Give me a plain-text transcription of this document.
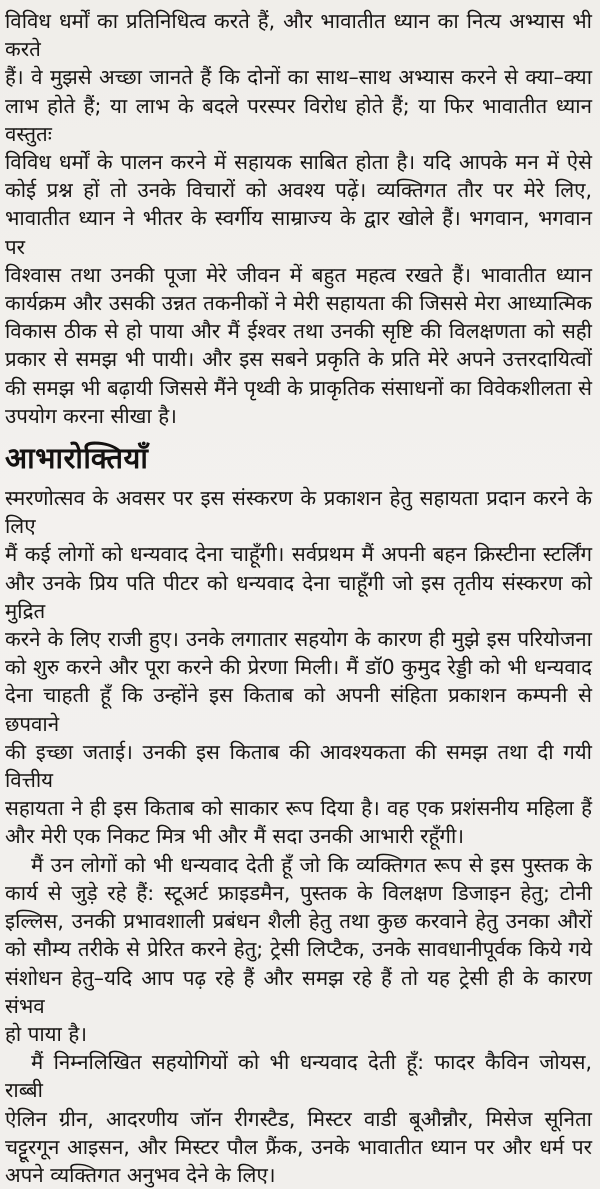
विविध धर्मों का प्रतिनिधित्व करते हैं, और भावातीत ध्यान का नित्य अभ्यास भी करते
हैं। वे मुझसे अच्छा जानते हैं कि दोनों का साथ–साथ अभ्यास करने से क्या–क्या
लाभ होते हैं; या लाभ के बदले परस्पर विरोध होते हैं; या फिर भावातीत ध्यान वस्तुतः
विविध धर्मों के पालन करने में सहायक साबित होता है। यदि आपके मन में ऐसे
कोई प्रश्न हों तो उनके विचारों को अवश्य पढ़ें। व्यक्तिगत तौर पर मेरे लिए,
भावातीत ध्यान ने भीतर के स्वर्गीय साम्राज्य के द्वार खोले हैं। भगवान, भगवान पर
विश्वास तथा उनकी पूजा मेरे जीवन में बहुत महत्व रखते हैं। भावातीत ध्यान
कार्यक्रम और उसकी उन्नत तकनीकों ने मेरी सहायता की जिससे मेरा आध्यात्मिक
विकास ठीक से हो पाया और मैं ईश्वर तथा उनकी सृष्टि की विलक्षणता को सही
प्रकार से समझ भी पायी। और इस सबने प्रकृति के प्रति मेरे अपने उत्तरदायित्वों
की समझ भी बढ़ायी जिससे मैंने पृथ्वी के प्राकृतिक संसाधनों का विवेकशीलता से
उपयोग करना सीखा है।
आभारोक्तियाँ
स्मरणोत्सव के अवसर पर इस संस्करण के प्रकाशन हेतु सहायता प्रदान करने के लिए
मैं कई लोगों को धन्यवाद देना चाहूँगी। सर्वप्रथम मैं अपनी बहन क्रिस्टीना स्टर्लिंग
और उनके प्रिय पति पीटर को धन्यवाद देना चाहूँगी जो इस तृतीय संस्करण को मुद्रित
करने के लिए राजी हुए। उनके लगातार सहयोग के कारण ही मुझे इस परियोजना
को शुरु करने और पूरा करने की प्रेरणा मिली। मैं डॉ0 कुमुद रेड्डी को भी धन्यवाद
देना चाहती हूँ कि उन्होंने इस किताब को अपनी संहिता प्रकाशन कम्पनी से छपवाने
की इच्छा जताई। उनकी इस किताब की आवश्यकता की समझ तथा दी गयी वित्तीय
सहायता ने ही इस किताब को साकार रूप दिया है। वह एक प्रशंसनीय महिला हैं
और मेरी एक निकट मित्र भी और मैं सदा उनकी आभारी रहूँगी।
मैं उन लोगों को भी धन्यवाद देती हूँ जो कि व्यक्तिगत रूप से इस पुस्तक के
कार्य से जुड़े रहे हैं: स्टूअर्ट फ्राइडमैन, पुस्तक के विलक्षण डिजाइन हेतु; टोनी
इल्लिस, उनकी प्रभावशाली प्रबंधन शैली हेतु तथा कुछ करवाने हेतु उनका औरों
को सौम्य तरीके से प्रेरित करने हेतु; ट्रेसी लिप्टैक, उनके सावधानीपूर्वक किये गये
संशोधन हेतु–यदि आप पढ़ रहे हैं और समझ रहे हैं तो यह ट्रेसी ही के कारण संभव
हो पाया है।
मैं निम्नलिखित सहयोगियों को भी धन्यवाद देती हूँ: फादर कैविन जोयस, राब्बी
ऐलिन ग्रीन, आदरणीय जॉन रीगस्टैड, मिस्टर वाडी बूऔन्नौर, मिसेज सूनिता
चट्टूरगून आइसन, और मिस्टर पौल फ्रैंक, उनके भावातीत ध्यान पर और धर्म पर
अपने व्यक्तिगत अनुभव देने के लिए।
